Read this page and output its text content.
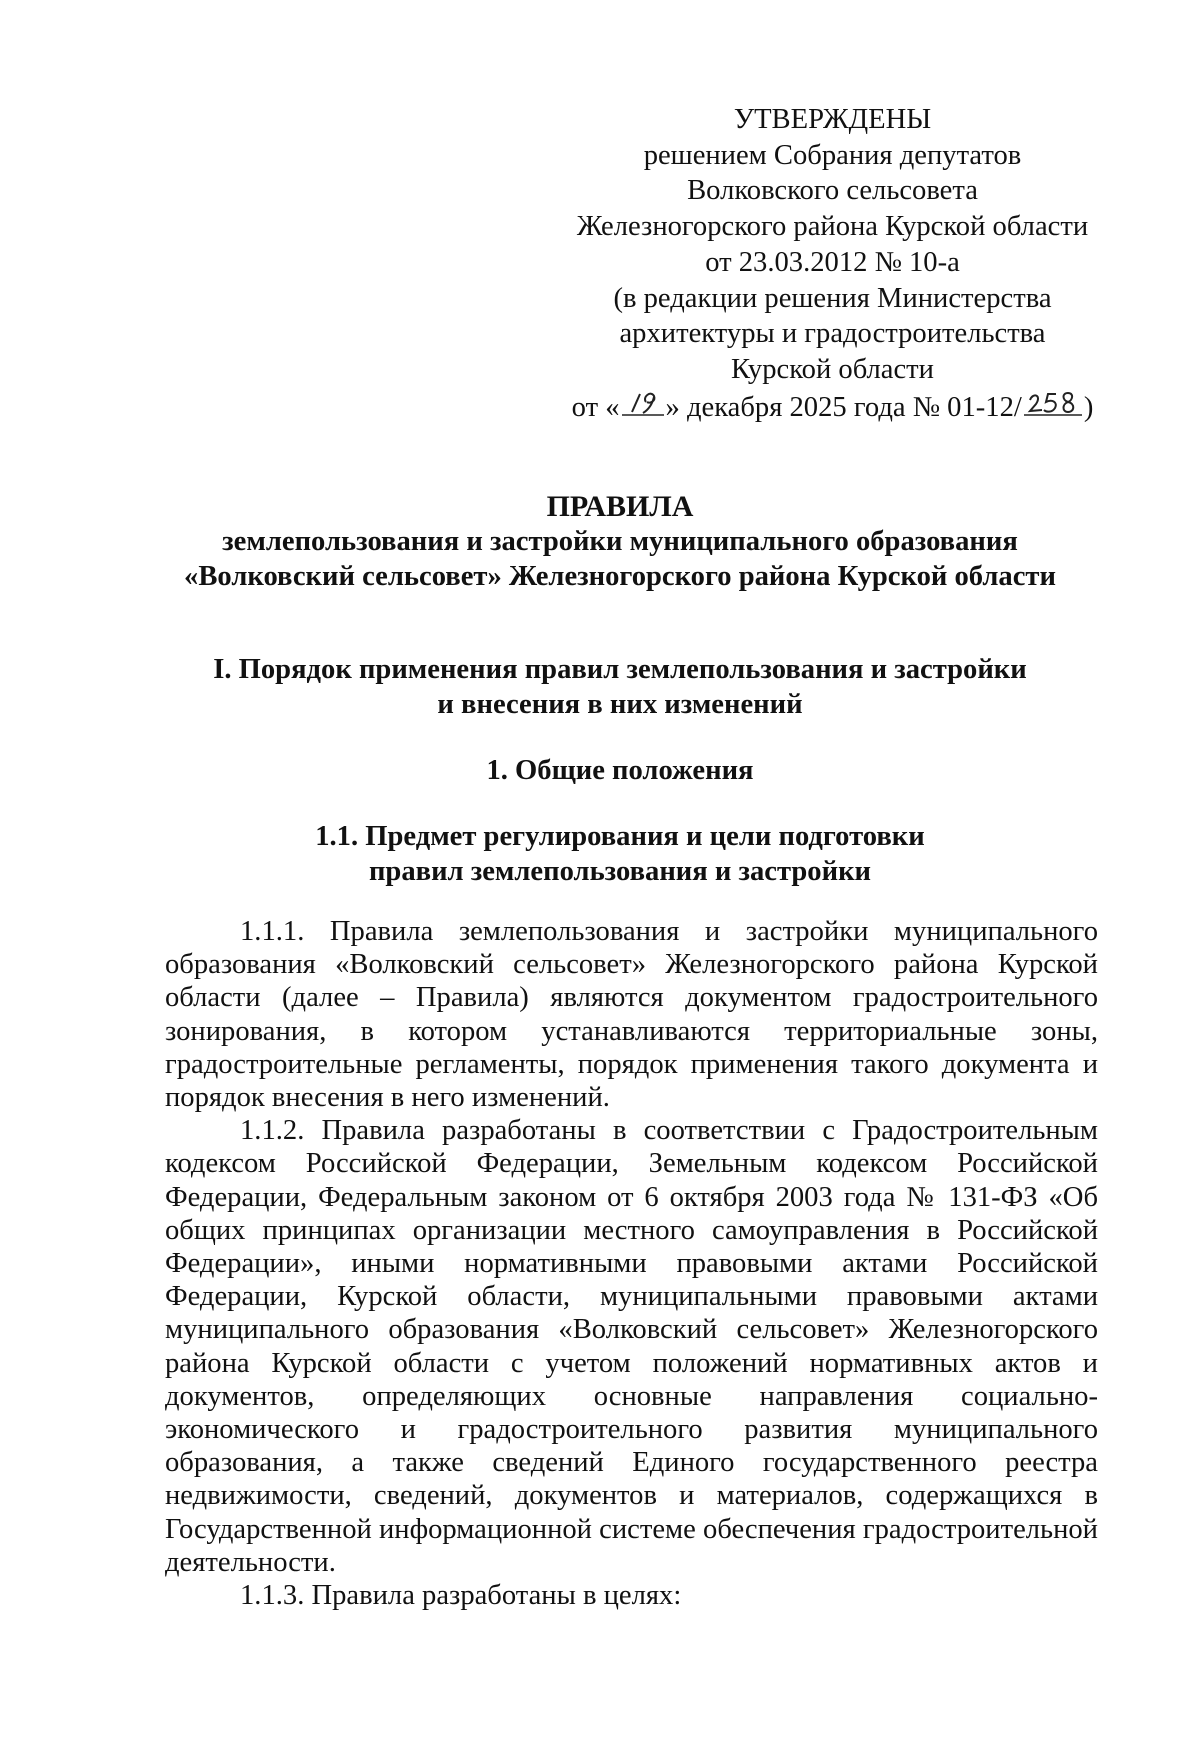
УТВЕРЖДЕНЫ
решением Собрания депутатов
Волковского сельсовета
Железногорского района Курской области
от 23.03.2012 № 10-а
(в редакции решения Министерства
архитектуры и градостроительства
Курской области
от « » декабря 2025 года № 01-12/ )
ПРАВИЛА
землепользования и застройки муниципального образования
«Волковский сельсовет» Железногорского района Курской области
I. Порядок применения правил землепользования и застройки
и внесения в них изменений
1. Общие положения
1.1. Предмет регулирования и цели подготовки
правил землепользования и застройки

1.1.1. Правила землепользования и застройки муниципального образования «Волковский сельсовет» Железногорского района Курской области (далее – Правила) являются документом градостроительного зонирования, в котором устанавливаются территориальные зоны, градостроительные регламенты, порядок применения такого документа и порядок внесения в него изменений.

1.1.2. Правила разработаны в соответствии с Градостроительным кодексом Российской Федерации, Земельным кодексом Российской Федерации, Федеральным законом от 6 октября 2003 года № 131-ФЗ «Об общих принципах организации местного самоуправления в Российской Федерации», иными нормативными правовыми актами Российской Федерации, Курской области, муниципальными правовыми актами муниципального образования «Волковский сельсовет» Железногорского района Курской области с учетом положений нормативных актов и документов, определяющих основные направления социально-экономического и градостроительного развития муниципального образования, а также сведений Единого государственного реестра недвижимости, сведений, документов и материалов, содержащихся в Государственной информационной системе обеспечения градостроительной деятельности.

1.1.3. Правила разработаны в целях:
